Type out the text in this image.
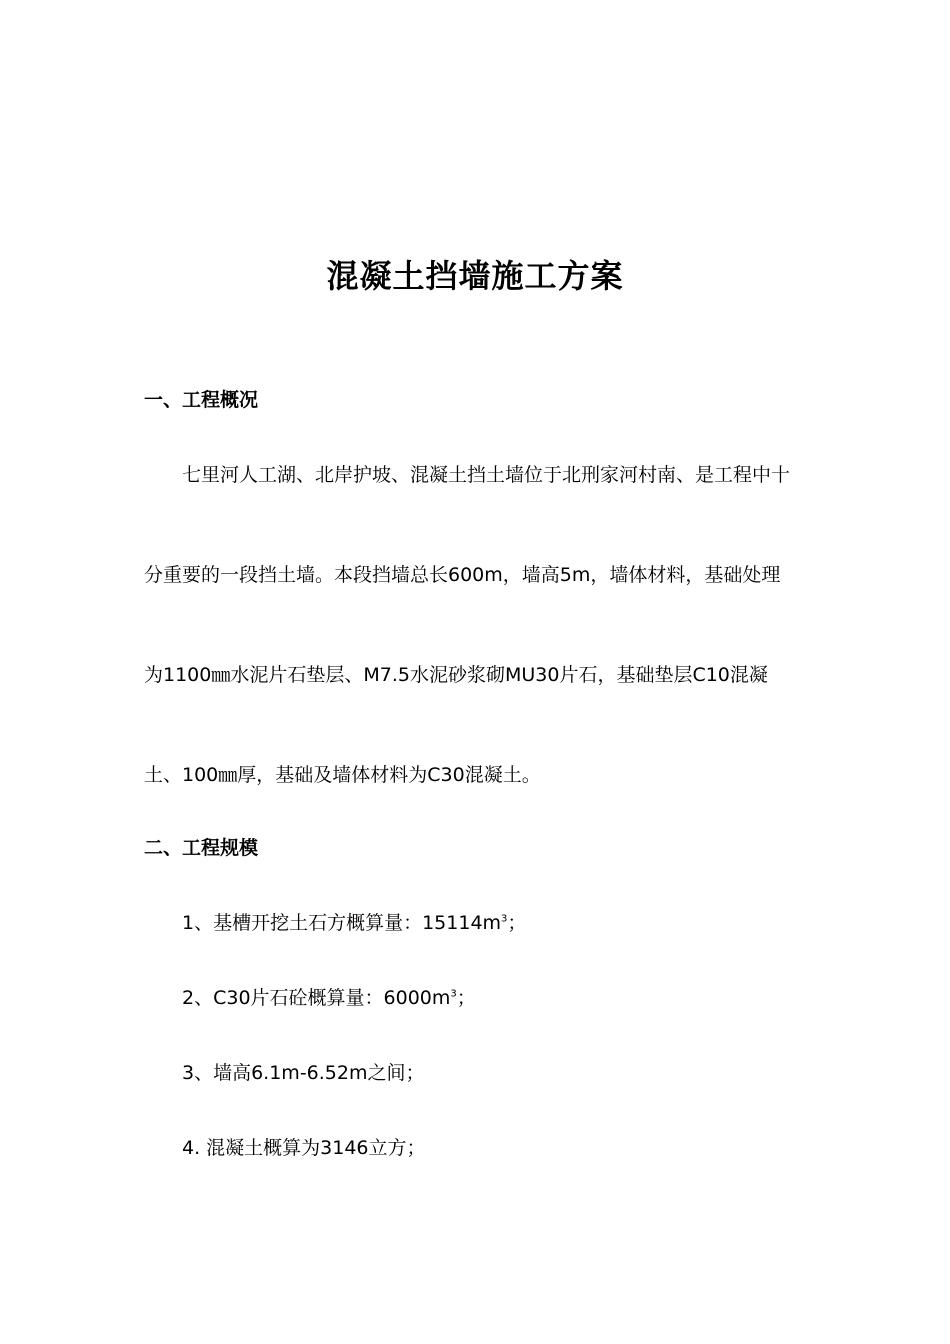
混凝土挡墙施工方案
一、工程概况
七里河人工湖、北岸护坡、混凝土挡土墙位于北刑家河村南、是工程中十
分重要的一段挡土墙。本段挡墙总长600m，墙高5m，墙体材料，基础处理
为1100㎜水泥片石垫层、M7.5水泥砂浆砌MU30片石，基础垫层C10混凝
土、100㎜厚，基础及墙体材料为C30混凝土。
二、工程规模
1、基槽开挖土石方概算量：$15114m^3$；
2、C30片石砼概算量：$6000m^3$；
3、墙高6.1m-6.52m之间；
4. 混凝土概算为3146立方；
